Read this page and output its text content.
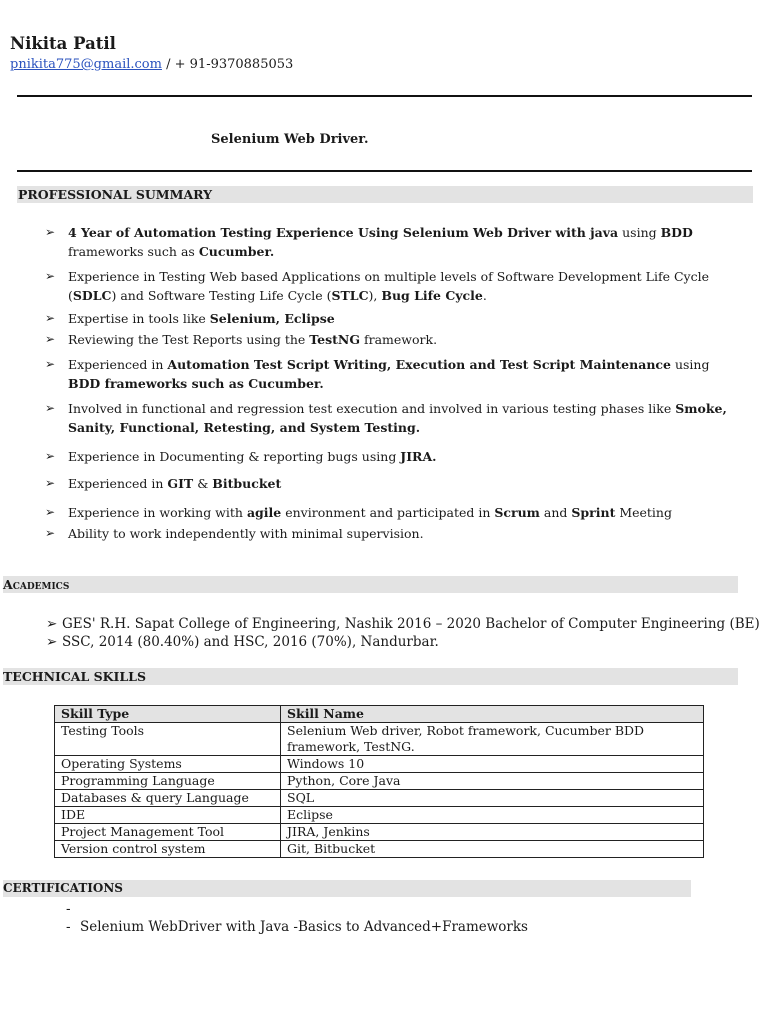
Nikita Patil
pnikita775@gmail.com / + 91-9370885053
Selenium Web Driver.
PROFESSIONAL SUMMARY
➢ 4 Year of Automation Testing Experience Using Selenium Web Driver with java using BDD frameworks such as Cucumber.
➢ Experience in Testing Web based Applications on multiple levels of Software Development Life Cycle (SDLC) and Software Testing Life Cycle (STLC), Bug Life Cycle.
➢ Expertise in tools like Selenium, Eclipse
➢ Reviewing the Test Reports using the TestNG framework.
➢ Experienced in Automation Test Script Writing, Execution and Test Script Maintenance using BDD frameworks such as Cucumber.
➢ Involved in functional and regression test execution and involved in various testing phases like Smoke, Sanity, Functional, Retesting, and System Testing.
➢ Experience in Documenting & reporting bugs using JIRA.
➢ Experienced in GIT & Bitbucket
➢ Experience in working with agile environment and participated in Scrum and Sprint Meeting
➢ Ability to work independently with minimal supervision.
Academics
➢ GES' R.H. Sapat College of Engineering, Nashik 2016 – 2020 Bachelor of Computer Engineering (BE)
➢ SSC, 2014 (80.40%) and HSC, 2016 (70%), Nandurbar.
TECHNICAL SKILLS
Skill Type	Skill Name
Testing Tools	Selenium Web driver, Robot framework, Cucumber BDD framework, TestNG.
Operating Systems	Windows 10
Programming Language	Python, Core Java
Databases & query Language	SQL
IDE	Eclipse
Project Management Tool	JIRA, Jenkins
Version control system	Git, Bitbucket
CERTIFICATIONS
-
- Selenium WebDriver with Java -Basics to Advanced+Frameworks
